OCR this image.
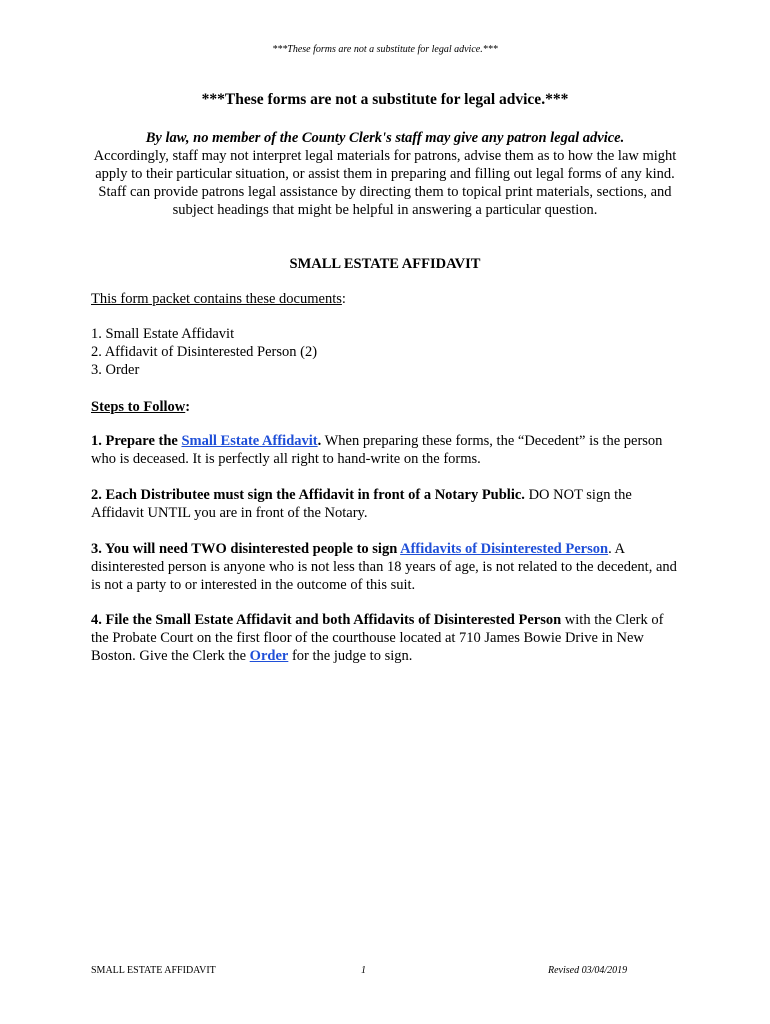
***These forms are not a substitute for legal advice.***
***These forms are not a substitute for legal advice.***
By law, no member of the County Clerk's staff may give any patron legal advice.
Accordingly, staff may not interpret legal materials for patrons, advise them as to how the law might apply to their particular situation, or assist them in preparing and filling out legal forms of any kind. Staff can provide patrons legal assistance by directing them to topical print materials, sections, and subject headings that might be helpful in answering a particular question.
SMALL ESTATE AFFIDAVIT
This form packet contains these documents:
1. Small Estate Affidavit
2. Affidavit of Disinterested Person (2)
3. Order
Steps to Follow:
1. Prepare the Small Estate Affidavit. When preparing these forms, the “Decedent” is the person who is deceased. It is perfectly all right to hand-write on the forms.
2. Each Distributee must sign the Affidavit in front of a Notary Public. DO NOT sign the Affidavit UNTIL you are in front of the Notary.
3. You will need TWO disinterested people to sign Affidavits of Disinterested Person. A disinterested person is anyone who is not less than 18 years of age, is not related to the decedent, and is not a party to or interested in the outcome of this suit.
4. File the Small Estate Affidavit and both Affidavits of Disinterested Person with the Clerk of the Probate Court on the first floor of the courthouse located at 710 James Bowie Drive in New Boston. Give the Clerk the Order for the judge to sign.
SMALL ESTATE AFFIDAVIT	1	Revised 03/04/2019
